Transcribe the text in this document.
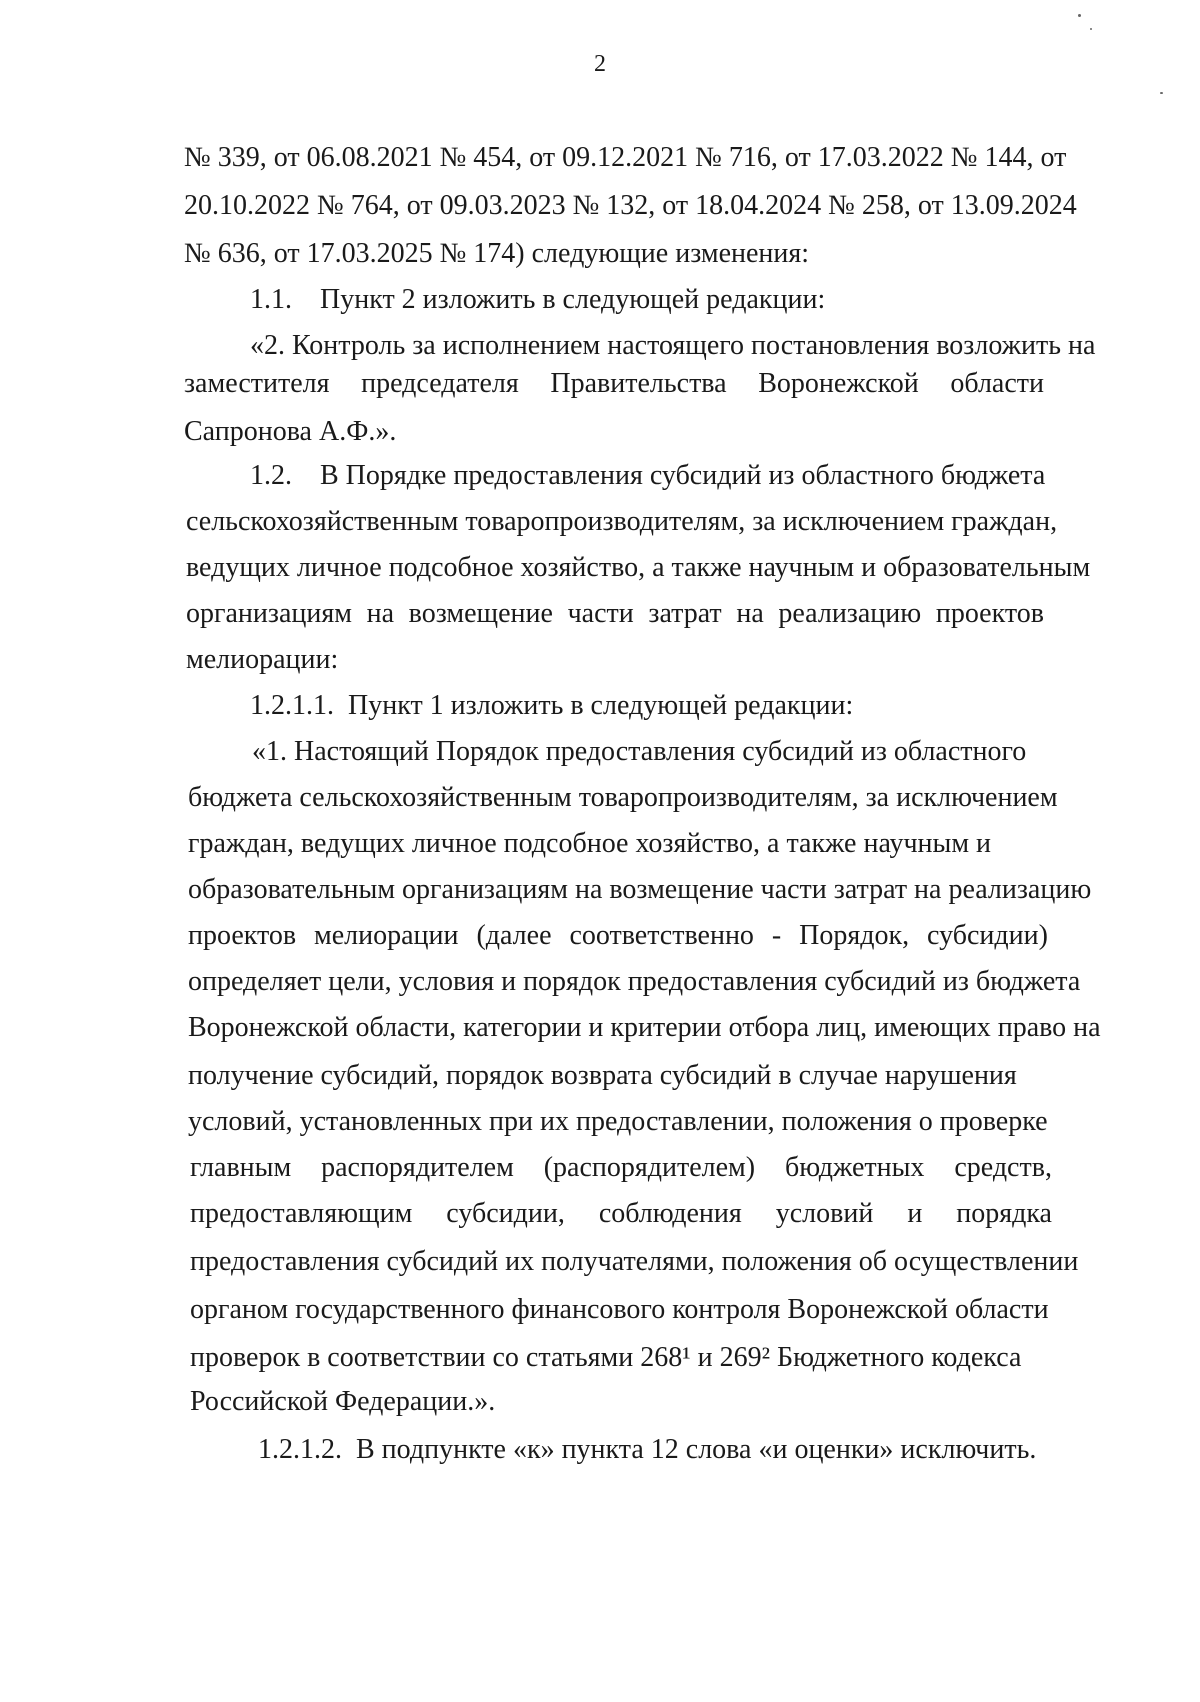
2
№ 339, от 06.08.2021 № 454, от 09.12.2021 № 716, от 17.03.2022 № 144, от
20.10.2022 № 764, от 09.03.2023 № 132, от 18.04.2024 № 258, от 13.09.2024
№ 636, от 17.03.2025 № 174) следующие изменения:
1.1.    Пункт 2 изложить в следующей редакции:
«2. Контроль за исполнением настоящего постановления возложить на
заместителя председателя Правительства Воронежской области
Сапронова А.Ф.».
1.2.    В Порядке предоставления субсидий из областного бюджета
сельскохозяйственным товаропроизводителям, за исключением граждан,
ведущих личное подсобное хозяйство, а также научным и образовательным
организациям на возмещение части затрат на реализацию проектов
мелиорации:
1.2.1.1.  Пункт 1 изложить в следующей редакции:
«1. Настоящий Порядок предоставления субсидий из областного
бюджета сельскохозяйственным товаропроизводителям, за исключением
граждан, ведущих личное подсобное хозяйство, а также научным и
образовательным организациям на возмещение части затрат на реализацию
проектов мелиорации (далее соответственно - Порядок, субсидии)
определяет цели, условия и порядок предоставления субсидий из бюджета
Воронежской области, категории и критерии отбора лиц, имеющих право на
получение субсидий, порядок возврата субсидий в случае нарушения
условий, установленных при их предоставлении, положения о проверке
главным распорядителем (распорядителем) бюджетных средств,
предоставляющим субсидии, соблюдения условий и порядка
предоставления субсидий их получателями, положения об осуществлении
органом государственного финансового контроля Воронежской области
проверок в соответствии со статьями 268¹ и 269² Бюджетного кодекса
Российской Федерации.».
1.2.1.2.  В подпункте «к» пункта 12 слова «и оценки» исключить.
